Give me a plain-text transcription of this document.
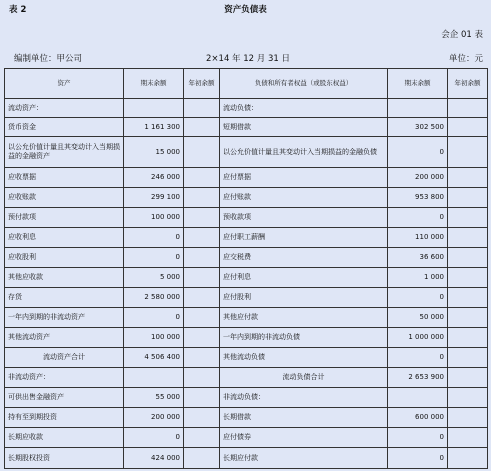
表 2	资产负债表
会企 01 表
编制单位：甲公司	2×14 年 12 月 31 日	单位：元
资产	期末余额	年初余额	负债和所有者权益（或股东权益）	期末余额	年初余额
流动资产：			流动负债：		
货币资金	1 161 300		短期借款	302 500	
以公允价值计量且其变动计入当期损益的金融资产	15 000		以公允价值计量且其变动计入当期损益的金融负债	0	
应收票据	246 000		应付票据	200 000	
应收账款	299 100		应付账款	953 800	
预付款项	100 000		预收款项	0	
应收利息	0		应付职工薪酬	110 000	
应收股利	0		应交税费	36 600	
其他应收款	5 000		应付利息	1 000	
存货	2 580 000		应付股利	0	
一年内到期的非流动资产	0		其他应付款	50 000	
其他流动资产	100 000		一年内到期的非流动负债	1 000 000	
流动资产合计	4 506 400		其他流动负债	0	
非流动资产：			流动负债合计	2 653 900	
可供出售金融资产	55 000		非流动负债：		
持有至到期投资	200 000		长期借款	600 000	
长期应收款	0		应付债券	0	
长期股权投资	424 000		长期应付款	0	
